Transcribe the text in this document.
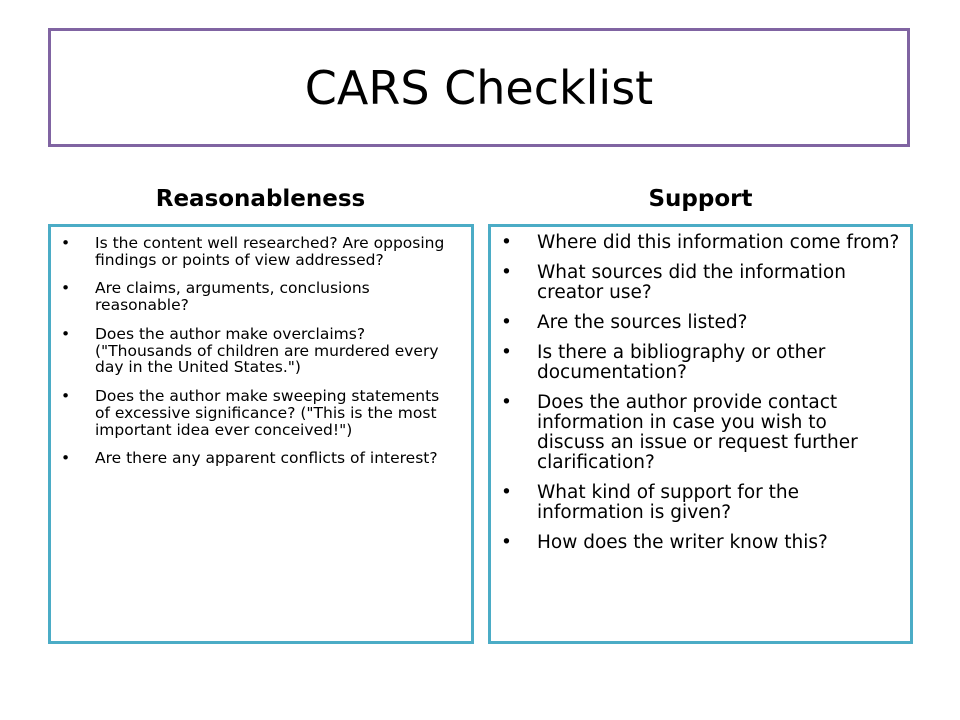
CARS Checklist
Reasonableness	Support
• Is the content well researched? Are opposing findings or points of view addressed?
• Are claims, arguments, conclusions reasonable?
• Does the author make overclaims? ("Thousands of children are murdered every day in the United States.")
• Does the author make sweeping statements of excessive significance? ("This is the most important idea ever conceived!")
• Are there any apparent conflicts of interest?
• Where did this information come from?
• What sources did the information creator use?
• Are the sources listed?
• Is there a bibliography or other documentation?
• Does the author provide contact information in case you wish to discuss an issue or request further clarification?
• What kind of support for the information is given?
• How does the writer know this?
